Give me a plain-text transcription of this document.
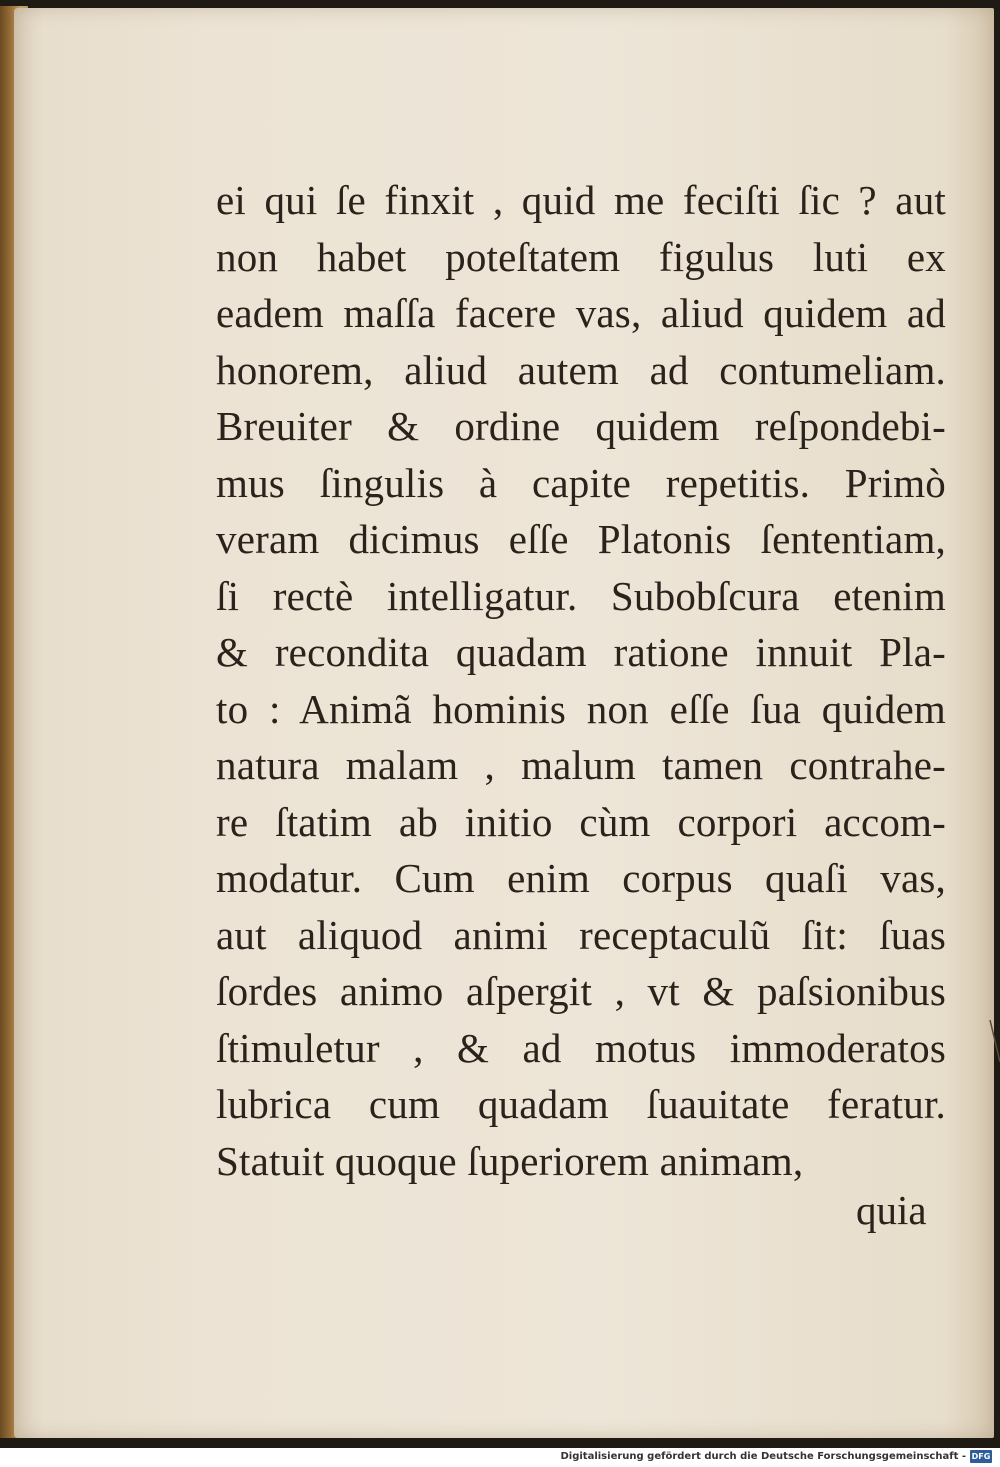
ei qui ſe finxit , quid me feciſti ſic ? aut
non habet poteſtatem figulus luti ex
eadem maſſa facere vas, aliud quidem ad
honorem, aliud autem ad contumeliam.
Breuiter & ordine quidem reſpondebi-
mus ſingulis à capite repetitis. Primò
veram dicimus eſſe Platonis ſententiam,
ſi rectè intelligatur. Subobſcura etenim
& recondita quadam ratione innuit Pla-
to : Animã hominis non eſſe ſua quidem
natura malam , malum tamen contrahe-
re ſtatim ab initio cùm corpori accom-
modatur. Cum enim corpus quaſi vas,
aut aliquod animi receptaculũ ſit: ſuas
ſordes animo aſpergit , vt & paſsionibus
ſtimuletur , & ad motus immoderatos
lubrica cum quadam ſuauitate feratur.
Statuit quoque ſuperiorem animam,
quia
Digitalisierung gefördert durch die Deutsche Forschungsgemeinschaft - DFG
